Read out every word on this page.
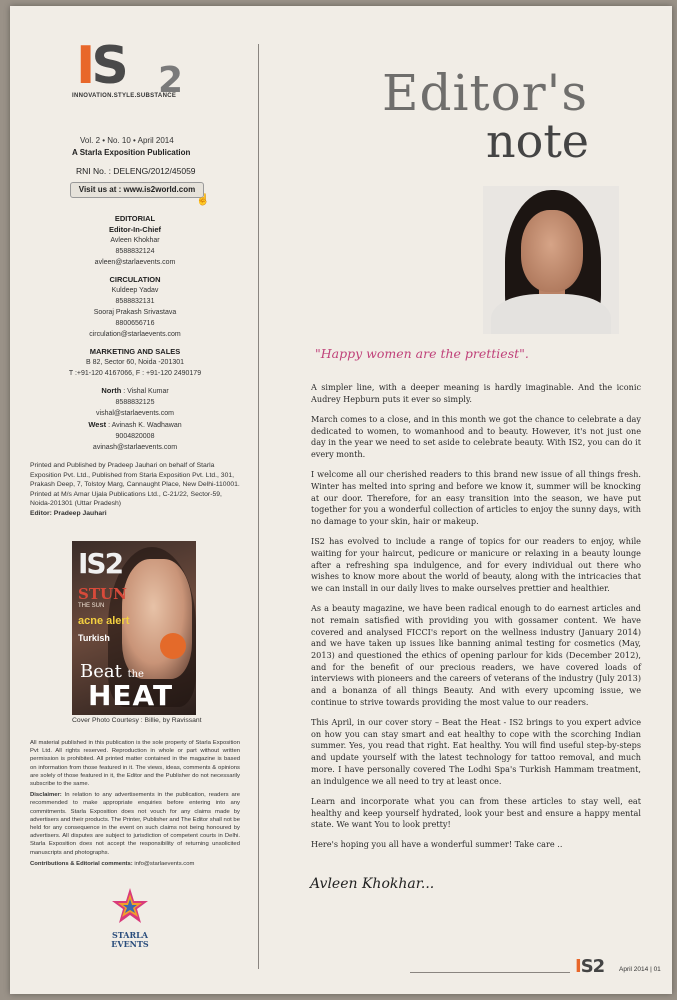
IS 2
INNOVATION.STYLE.SUBSTANCE
Vol. 2 • No. 10 • April 2014
A Starla Exposition Publication
RNI No. : DELENG/2012/45059
Visit us at : www.is2world.com
☝
EDITORIAL
Editor-In-Chief
Avleen Khokhar
8588832124
avleen@starlaevents.com
CIRCULATION
Kuldeep Yadav
8588832131
Sooraj Prakash Srivastava
8800656716
circulation@starlaevents.com
MARKETING AND SALES
B 82, Sector 60, Noida -201301
T :+91-120 4167066, F : +91-120 2490179
North : Vishal Kumar
8588832125
vishal@starlaevents.com
West : Avinash K. Wadhawan
9004820008
avinash@starlaevents.com
Printed and Published by Pradeep Jauhari on behalf of Starla Exposition Pvt. Ltd., Published from Starla Exposition Pvt. Ltd., 301, Prakash Deep, 7, Tolstoy Marg, Cannaught Place, New Delhi-110001. Printed at M/s Amar Ujala Publications Ltd., C-21/22, Sector-59, Noida-201301 (Uttar Pradesh)
Editor: Pradeep Jauhari
IS2
STUN
THE SUN
acne alert
Turkish
Beat the
HEAT
Cover Photo Courtesy : Billie, by Ravissant
All material published in this publication is the sole property of Starla Exposition Pvt Ltd. All rights reserved. Reproduction in whole or part without written permission is prohibited. All printed matter contained in the magazine is based on information from those featured in it. The views, ideas, comments & opinions are solely of those featured in it, the Editor and the Publisher do not necessarily subscribe to the same.
Disclaimer: In relation to any advertisements in the publication, readers are recommended to make appropriate enquiries before entering into any commitments. Starla Exposition does not vouch for any claims made by advertisers and their products. The Printer, Publisher and The Editor shall not be held for any consequence in the event on such claims not being honoured by advertisers. All disputes are subject to jurisdiction of competent courts in Delhi. Starla Exposition does not accept the responsibility of returning unsolicited manuscripts and photographs.
Contributions & Editorial comments: info@starlaevents.com
STARLA
EVENTS
Editor's
note
"Happy women are the prettiest".

A simpler line, with a deeper meaning is hardly imaginable. And the iconic Audrey Hepburn puts it ever so simply.

March comes to a close, and in this month we got the chance to celebrate a day dedicated to women, to womanhood and to beauty. However, it's not just one day in the year we need to set aside to celebrate beauty. With IS2, you can do it every month.

I welcome all our cherished readers to this brand new issue of all things fresh. Winter has melted into spring and before we know it, summer will be knocking at our door. Therefore, for an easy transition into the season, we have put together for you a wonderful collection of articles to enjoy the sunny days, with no damage to your skin, hair or makeup.

IS2 has evolved to include a range of topics for our readers to enjoy, while waiting for your haircut, pedicure or manicure or relaxing in a beauty lounge after a refreshing spa indulgence, and for every individual out there who wishes to know more about the world of beauty, along with the intricacies that we can install in our daily lives to make ourselves prettier and healthier.

As a beauty magazine, we have been radical enough to do earnest articles and not remain satisfied with providing you with gossamer content. We have covered and analysed FICCI's report on the wellness industry (January 2014) and we have taken up issues like banning animal testing for cosmetics (May, 2013) and questioned the ethics of opening parlour for kids (December 2012), and for the benefit of our precious readers, we have covered loads of interviews with pioneers and the careers of veterans of the industry (July 2013) and a bonanza of all things Beauty. And with every upcoming issue, we continue to strive towards providing the most value to our readers.

This April, in our cover story – Beat the Heat - IS2 brings to you expert advice on how you can stay smart and eat healthy to cope with the scorching Indian summer. Yes, you read that right. Eat healthy. You will find useful step-by-steps and update yourself with the latest technology for tattoo removal, and much more. I have personally covered The Lodhi Spa's Turkish Hammam treatment, an indulgence we all need to try at least once.

Learn and incorporate what you can from these articles to stay well, eat healthy and keep yourself hydrated, look your best and ensure a happy mental state. We want You to look pretty!

Here's hoping you all have a wonderful summer! Take care ..

Avleen Khokhar...
IS2 April 2014 | 01
